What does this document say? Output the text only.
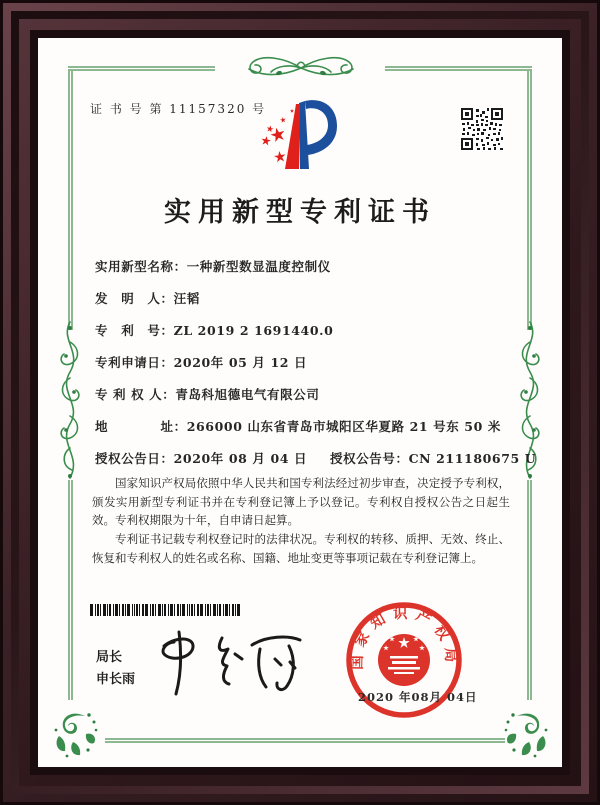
证 书 号 第 11157320 号
实用新型专利证书
实用新型名称：一种新型数显温度控制仪
发　明　人：汪韬
专　利　号：ZL 2019 2 1691440.0
专利申请日：2020年 05 月 12 日
专 利 权 人：青岛科旭德电气有限公司
地　　　　址：266000 山东省青岛市城阳区华夏路 21 号东 50 米
授权公告日：2020年 08 月 04 日 授权公告号：CN 211180675 U

国家知识产权局依照中华人民共和国专利法经过初步审查，决定授予专利权，颁发实用新型专利证书并在专利登记簿上予以登记。专利权自授权公告之日起生效。专利权期限为十年，自申请日起算。

专利证书记载专利权登记时的法律状况。专利权的转移、质押、无效、终止、恢复和专利权人的姓名或名称、国籍、地址变更等事项记载在专利登记簿上。

局长
申长雨
国家知识产权局
2020 年08月 04日
